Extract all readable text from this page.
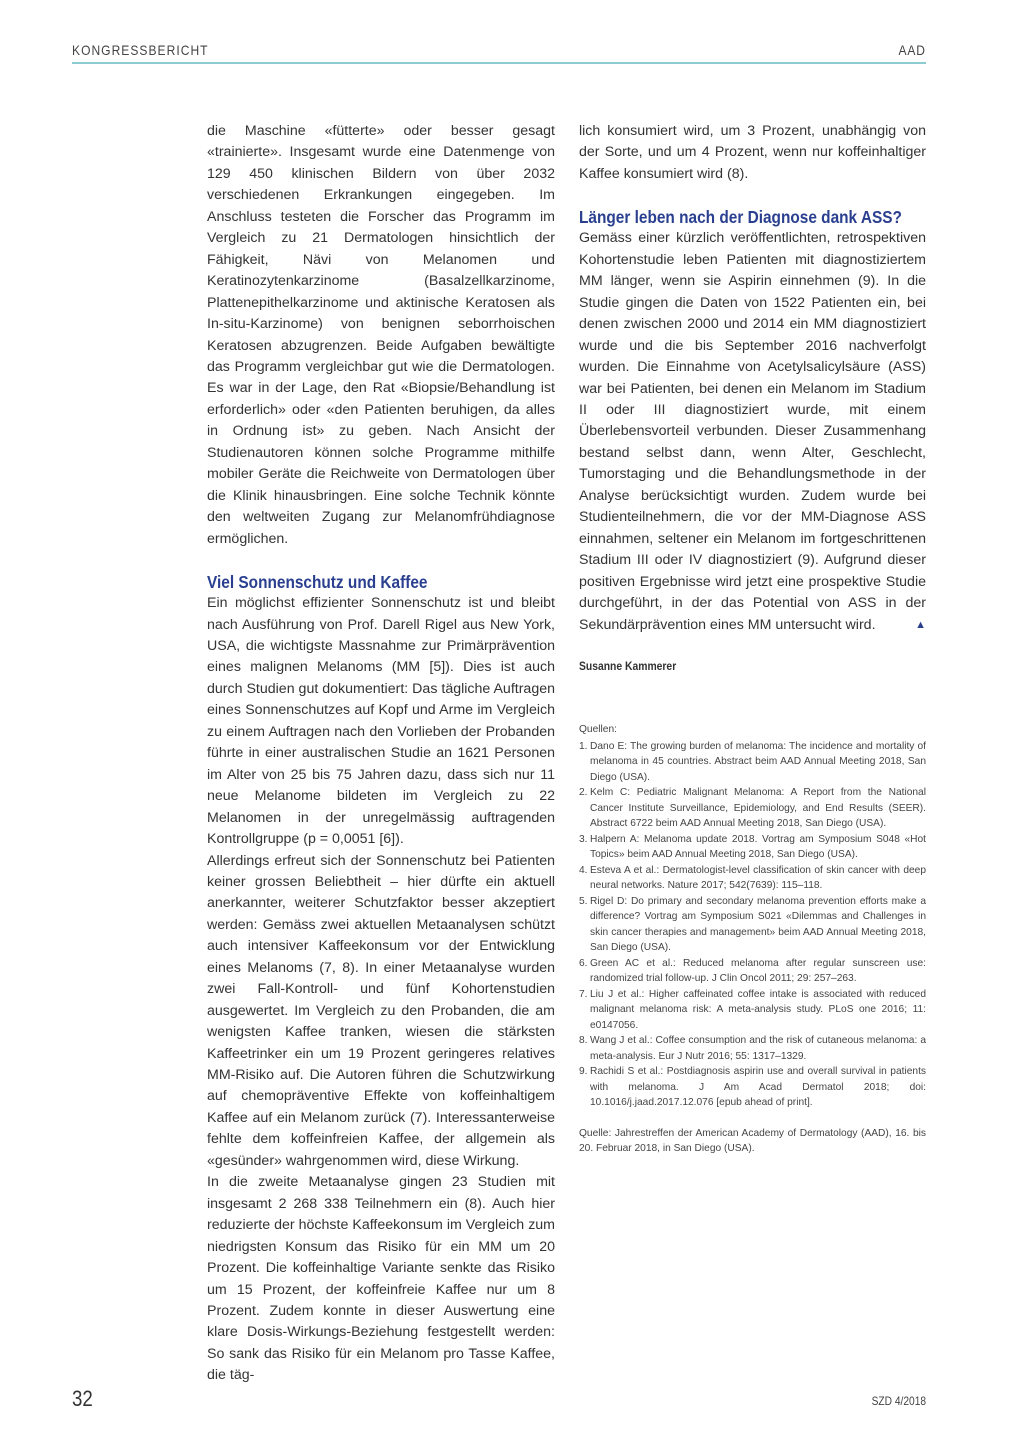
KONGRESSBERICHT	AAD

die Maschine «fütterte» oder besser gesagt «trainierte». Insgesamt wurde eine Datenmenge von 129 450 klinischen Bildern von über 2032 verschiedenen Erkrankungen eingegeben. Im Anschluss testeten die Forscher das Programm im Vergleich zu 21 Dermatologen hinsichtlich der Fähigkeit, Nävi von Melanomen und Keratinozytenkarzinome (Basalzellkarzinome, Plattenepithelkarzinome und aktinische Keratosen als In-situ-Karzinome) von benignen seborrhoischen Keratosen abzugrenzen. Beide Aufgaben bewältigte das Programm vergleichbar gut wie die Dermatologen. Es war in der Lage, den Rat «Biopsie/Behandlung ist erforderlich» oder «den Patienten beruhigen, da alles in Ordnung ist» zu geben. Nach Ansicht der Studienautoren können solche Programme mithilfe mobiler Geräte die Reichweite von Dermatologen über die Klinik hinausbringen. Eine solche Technik könnte den weltweiten Zugang zur Melanomfrühdiagnose ermöglichen.

Viel Sonnenschutz und Kaffee

Ein möglichst effizienter Sonnenschutz ist und bleibt nach Ausführung von Prof. Darell Rigel aus New York, USA, die wichtigste Massnahme zur Primärprävention eines malignen Melanoms (MM [5]). Dies ist auch durch Studien gut dokumentiert: Das tägliche Auftragen eines Sonnenschutzes auf Kopf und Arme im Vergleich zu einem Auftragen nach den Vorlieben der Probanden führte in einer australischen Studie an 1621 Personen im Alter von 25 bis 75 Jahren dazu, dass sich nur 11 neue Melanome bildeten im Vergleich zu 22 Melanomen in der unregelmässig auftragenden Kontrollgruppe (p = 0,0051 [6]).

Allerdings erfreut sich der Sonnenschutz bei Patienten keiner grossen Beliebtheit – hier dürfte ein aktuell anerkannter, weiterer Schutzfaktor besser akzeptiert werden: Gemäss zwei aktuellen Metaanalysen schützt auch intensiver Kaffeekonsum vor der Entwicklung eines Melanoms (7, 8). In einer Metaanalyse wurden zwei Fall-Kontroll- und fünf Kohortenstudien ausgewertet. Im Vergleich zu den Probanden, die am wenigsten Kaffee tranken, wiesen die stärksten Kaffeetrinker ein um 19 Prozent geringeres relatives MM-Risiko auf. Die Autoren führen die Schutzwirkung auf chemopräventive Effekte von koffeinhaltigem Kaffee auf ein Melanom zurück (7). Interessanterweise fehlte dem koffeinfreien Kaffee, der allgemein als «gesünder» wahrgenommen wird, diese Wirkung.

In die zweite Metaanalyse gingen 23 Studien mit insgesamt 2 268 338 Teilnehmern ein (8). Auch hier reduzierte der höchste Kaffeekonsum im Vergleich zum niedrigsten Konsum das Risiko für ein MM um 20 Prozent. Die koffeinhaltige Variante senkte das Risiko um 15 Prozent, der koffeinfreie Kaffee nur um 8 Prozent. Zudem konnte in dieser Auswertung eine klare Dosis-Wirkungs-Beziehung festgestellt werden: So sank das Risiko für ein Melanom pro Tasse Kaffee, die täg-

lich konsumiert wird, um 3 Prozent, unabhängig von der Sorte, und um 4 Prozent, wenn nur koffeinhaltiger Kaffee konsumiert wird (8).

Länger leben nach der Diagnose dank ASS?

Gemäss einer kürzlich veröffentlichten, retrospektiven Kohortenstudie leben Patienten mit diagnostiziertem MM länger, wenn sie Aspirin einnehmen (9). In die Studie gingen die Daten von 1522 Patienten ein, bei denen zwischen 2000 und 2014 ein MM diagnostiziert wurde und die bis September 2016 nachverfolgt wurden. Die Einnahme von Acetylsalicylsäure (ASS) war bei Patienten, bei denen ein Melanom im Stadium II oder III diagnostiziert wurde, mit einem Überlebensvorteil verbunden. Dieser Zusammenhang bestand selbst dann, wenn Alter, Geschlecht, Tumorstaging und die Behandlungsmethode in der Analyse berücksichtigt wurden. Zudem wurde bei Studienteilnehmern, die vor der MM-Diagnose ASS einnahmen, seltener ein Melanom im fortgeschrittenen Stadium III oder IV diagnostiziert (9). Aufgrund dieser positiven Ergebnisse wird jetzt eine prospektive Studie durchgeführt, in der das Potential von ASS in der Sekundärprävention eines MM untersucht wird.	▲

Susanne Kammerer
Quellen:
1. Dano E: The growing burden of melanoma: The incidence and mortality of melanoma in 45 countries. Abstract beim AAD Annual Meeting 2018, San Diego (USA).
2. Kelm C: Pediatric Malignant Melanoma: A Report from the National Cancer Institute Surveillance, Epidemiology, and End Results (SEER). Abstract 6722 beim AAD Annual Meeting 2018, San Diego (USA).
3. Halpern A: Melanoma update 2018. Vortrag am Symposium S048 «Hot Topics» beim AAD Annual Meeting 2018, San Diego (USA).
4. Esteva A et al.: Dermatologist-level classification of skin cancer with deep neural networks. Nature 2017; 542(7639): 115–118.
5. Rigel D: Do primary and secondary melanoma prevention efforts make a difference? Vortrag am Symposium S021 «Dilemmas and Challenges in skin cancer therapies and management» beim AAD Annual Meeting 2018, San Diego (USA).
6. Green AC et al.: Reduced melanoma after regular sunscreen use: randomized trial follow-up. J Clin Oncol 2011; 29: 257–263.
7. Liu J et al.: Higher caffeinated coffee intake is associated with reduced malignant melanoma risk: A meta-analysis study. PLoS one 2016; 11: e0147056.
8. Wang J et al.: Coffee consumption and the risk of cutaneous melanoma: a meta-analysis. Eur J Nutr 2016; 55: 1317–1329.
9. Rachidi S et al.: Postdiagnosis aspirin use and overall survival in patients with melanoma. J Am Acad Dermatol 2018; doi: 10.1016/j.jaad.2017.12.076 [epub ahead of print].
Quelle: Jahrestreffen der American Academy of Dermatology (AAD), 16. bis 20. Februar 2018, in San Diego (USA).
32	SZD 4/2018
